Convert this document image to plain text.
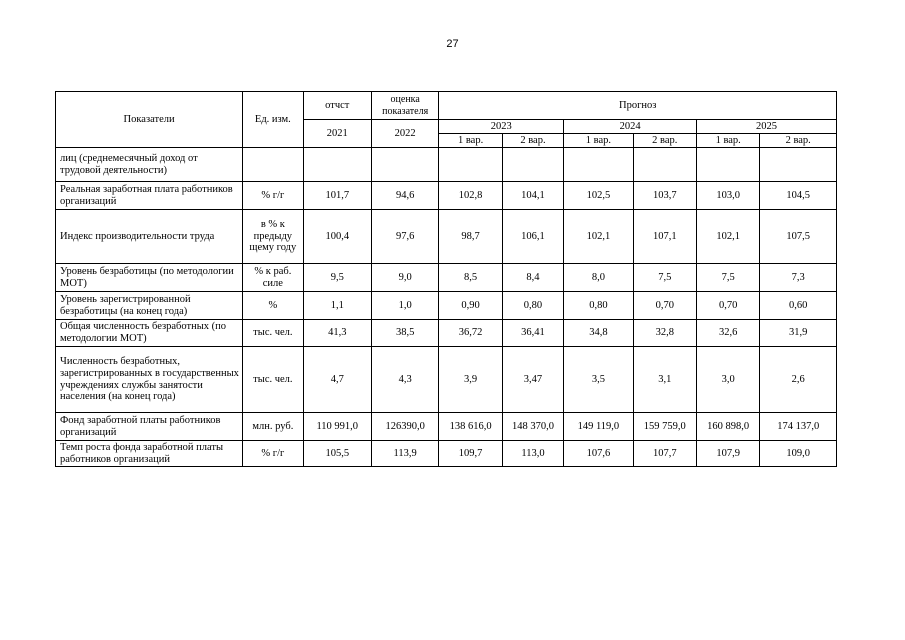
27
Показатели	Ед. изм.	отчст	оценка показателя	Прогноз					
		2021	2022	2023		2024		2025	
				1 вар.	2 вар.	1 вар.	2 вар.	1 вар.	2 вар.
лиц (среднемесячный доход от трудовой деятельности)									
Реальная заработная плата работников организаций	% г/г	101,7	94,6	102,8	104,1	102,5	103,7	103,0	104,5
Индекс производительности труда	в % к предыду щему году	100,4	97,6	98,7	106,1	102,1	107,1	102,1	107,5
Уровень безработицы (по методологии МОТ)	% к раб. силе	9,5	9,0	8,5	8,4	8,0	7,5	7,5	7,3
Уровень зарегистрированной безработицы (на конец года)	%	1,1	1,0	0,90	0,80	0,80	0,70	0,70	0,60
Общая численность безработных (по методологии МОТ)	тыс. чел.	41,3	38,5	36,72	36,41	34,8	32,8	32,6	31,9
Численность безработных, зарегистрированных в государственных учреждениях службы занятости населения (на конец года)	тыс. чел.	4,7	4,3	3,9	3,47	3,5	3,1	3,0	2,6
Фонд заработной платы работников организаций	млн. руб.	110 991,0	126390,0	138 616,0	148 370,0	149 119,0	159 759,0	160 898,0	174 137,0
Темп роста фонда заработной платы работников организаций	% г/г	105,5	113,9	109,7	113,0	107,6	107,7	107,9	109,0
